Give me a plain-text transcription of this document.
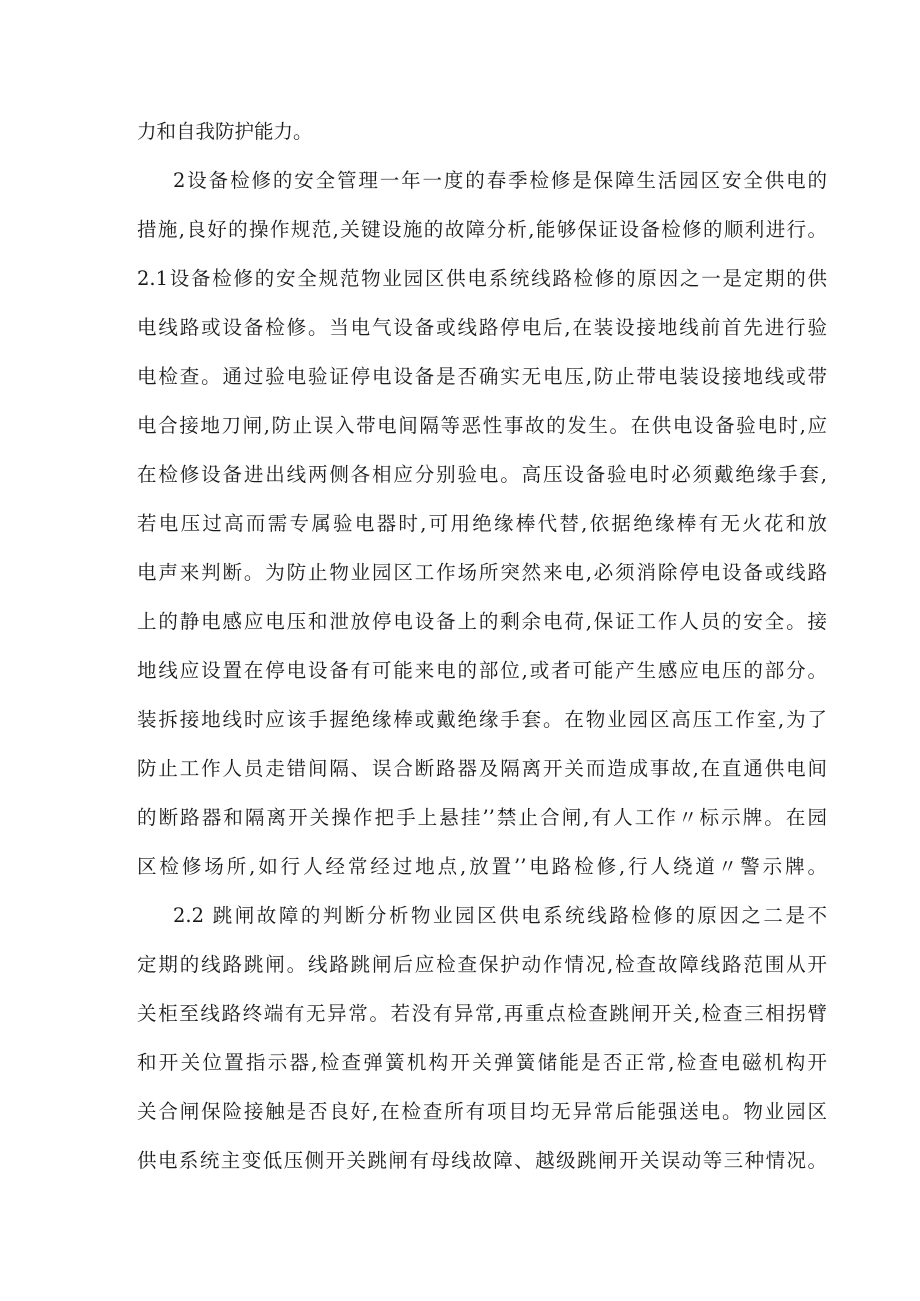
力和自我防护能力。
2设备检修的安全管理一年一度的春季检修是保障生活园区安全供电的
措施,良好的操作规范,关键设施的故障分析,能够保证设备检修的顺利进行。
2.1设备检修的安全规范物业园区供电系统线路检修的原因之一是定期的供
电线路或设备检修。当电气设备或线路停电后,在装设接地线前首先进行验
电检查。通过验电验证停电设备是否确实无电压,防止带电装设接地线或带
电合接地刀闸,防止误入带电间隔等恶性事故的发生。在供电设备验电时,应
在检修设备进出线两侧各相应分别验电。高压设备验电时必须戴绝缘手套,
若电压过高而需专属验电器时,可用绝缘棒代替,依据绝缘棒有无火花和放
电声来判断。为防止物业园区工作场所突然来电,必须消除停电设备或线路
上的静电感应电压和泄放停电设备上的剩余电荷,保证工作人员的安全。接
地线应设置在停电设备有可能来电的部位,或者可能产生感应电压的部分。
装拆接地线时应该手握绝缘棒或戴绝缘手套。在物业园区高压工作室,为了
防止工作人员走错间隔、误合断路器及隔离开关而造成事故,在直通供电间
的断路器和隔离开关操作把手上悬挂’’禁止合闸,有人工作〃标示牌。在园
区检修场所,如行人经常经过地点,放置’’电路检修,行人绕道〃警示牌。
2.2 跳闸故障的判断分析物业园区供电系统线路检修的原因之二是不
定期的线路跳闸。线路跳闸后应检查保护动作情况,检查故障线路范围从开
关柜至线路终端有无异常。若没有异常,再重点检查跳闸开关,检查三相拐臂
和开关位置指示器,检查弹簧机构开关弹簧储能是否正常,检查电磁机构开
关合闸保险接触是否良好,在检查所有项目均无异常后能强送电。物业园区
供电系统主变低压侧开关跳闸有母线故障、越级跳闸开关误动等三种情况。
